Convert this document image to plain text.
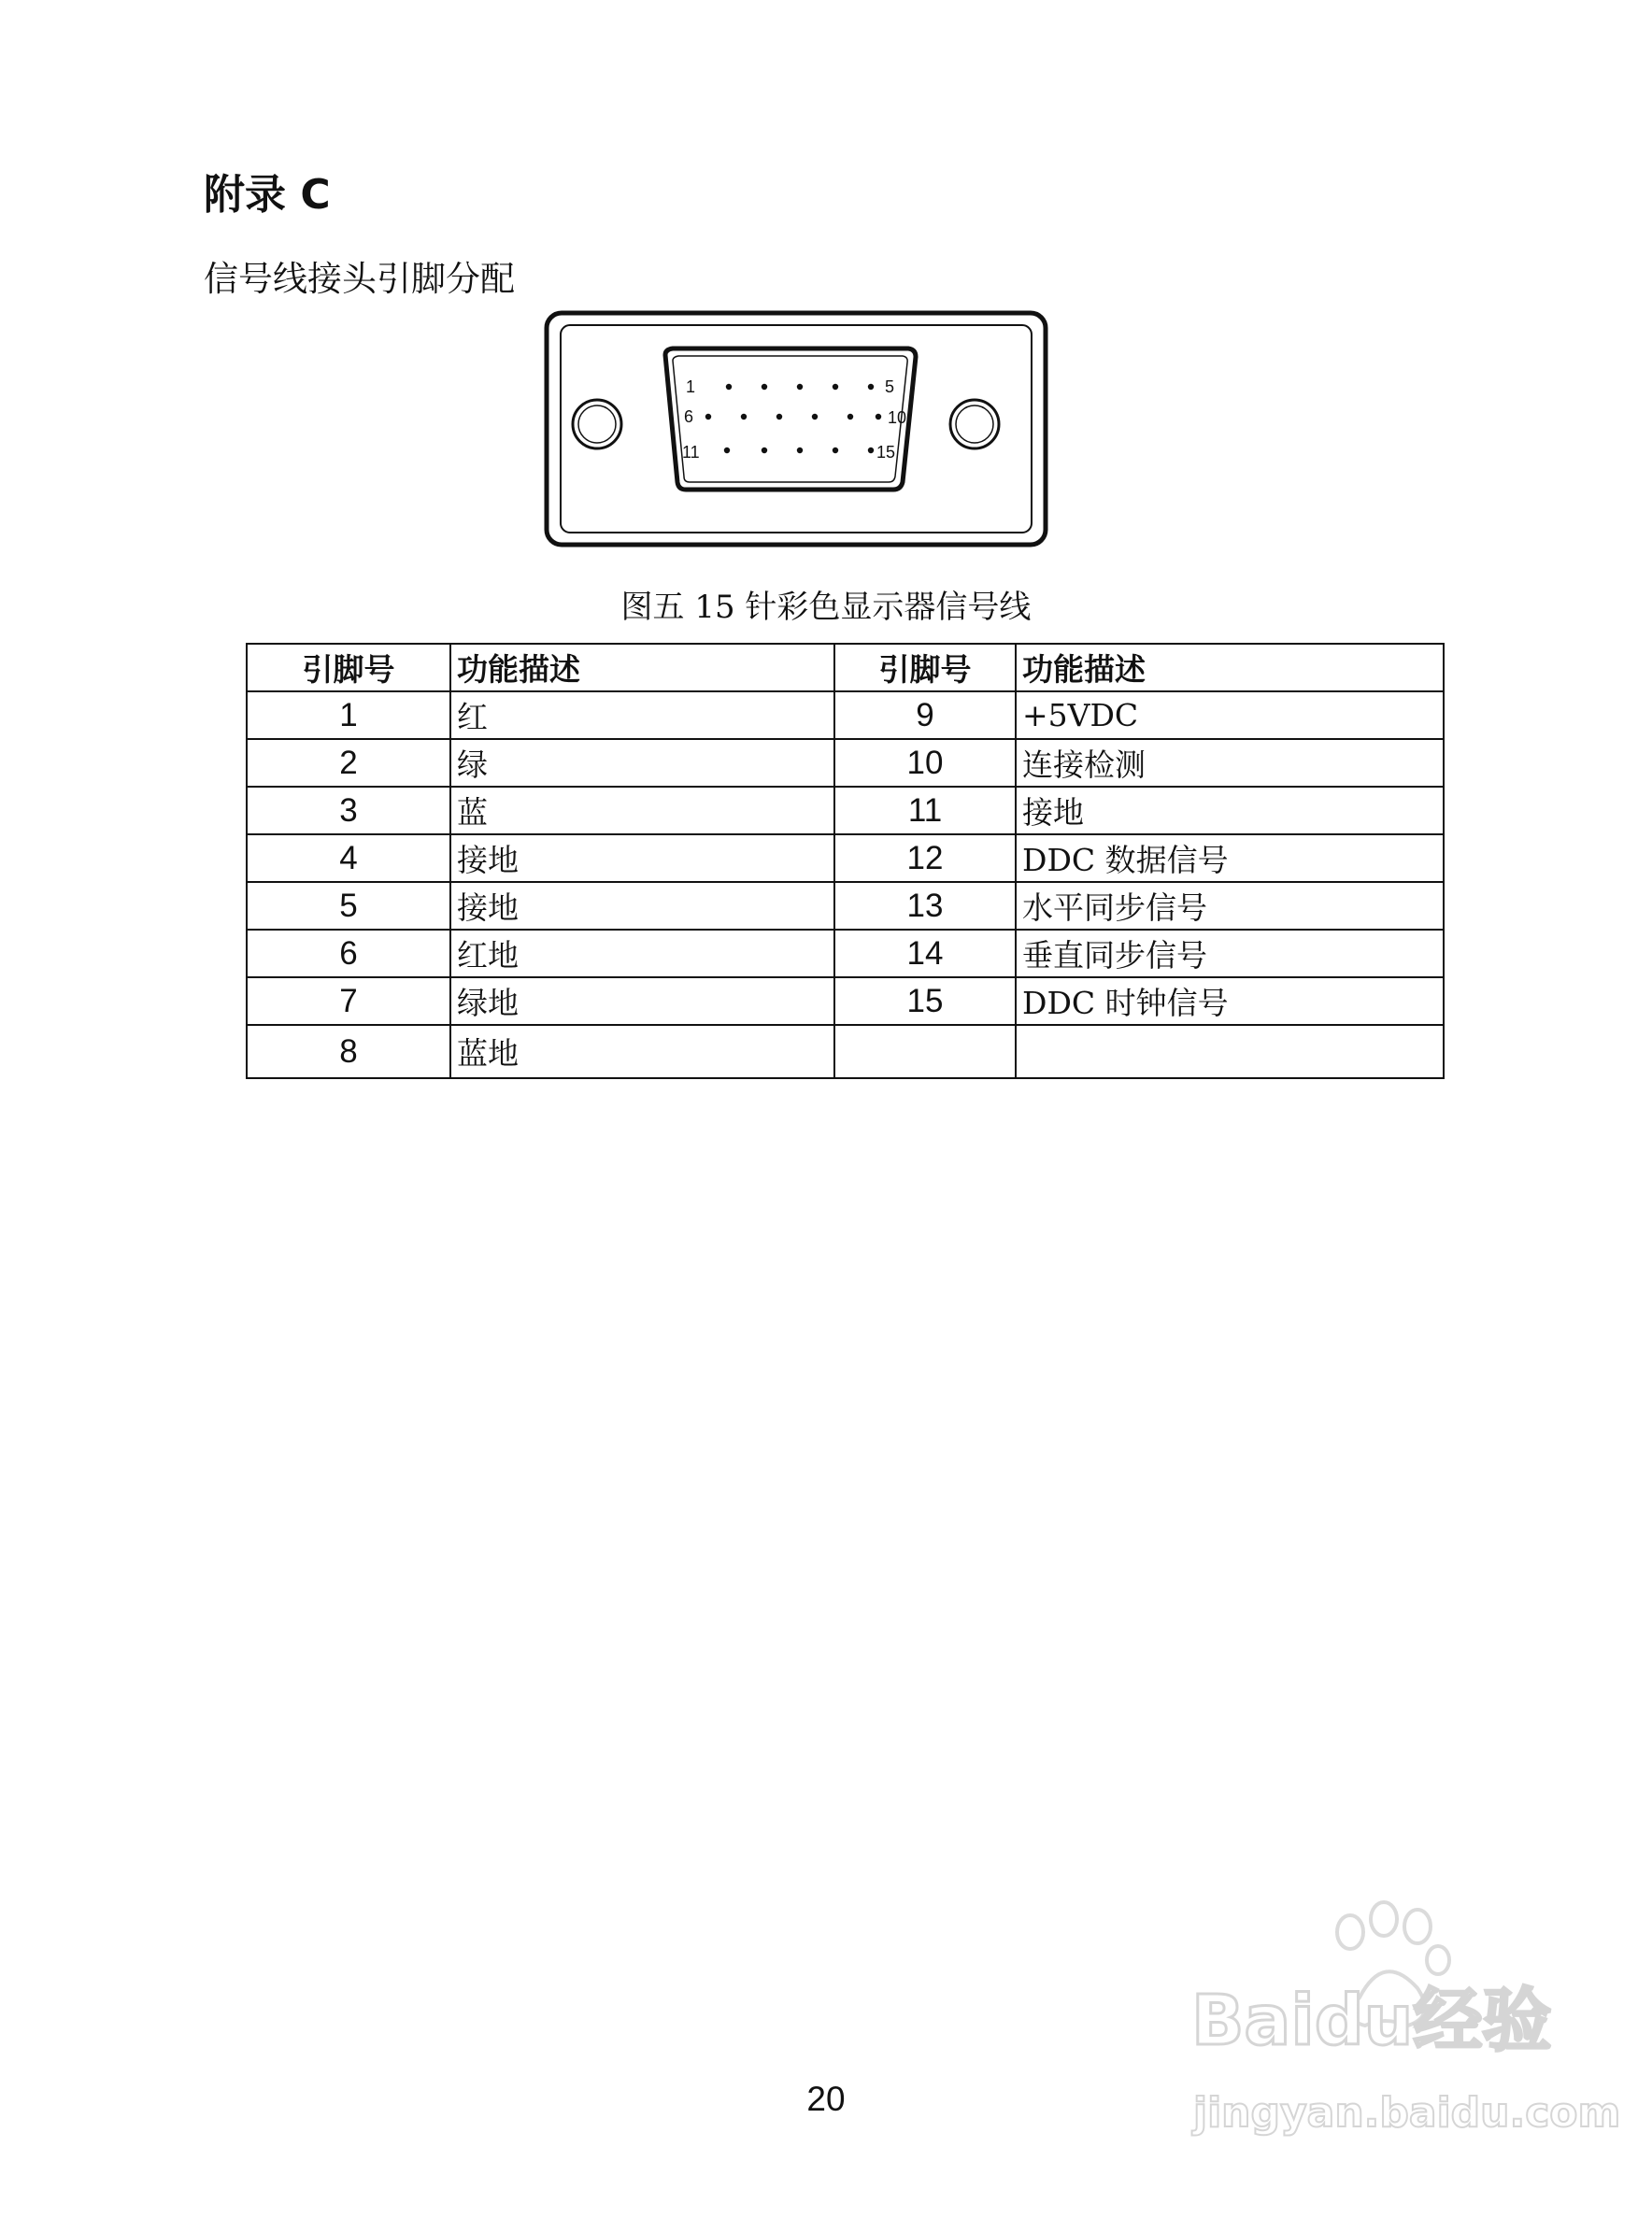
附录 C

信号线接头引脚分配

1	5
6	10
11	15
图五 15 针彩色显示器信号线
引脚号	功能描述	引脚号	功能描述
1	红	9	+5VDC
2	绿	10	连接检测
3	蓝	11	接地
4	接地	12	DDC 数据信号
5	接地	13	水平同步信号
6	红地	14	垂直同步信号
7	绿地	15	DDC 时钟信号
8	蓝地		
Baidu经验
jingyan.baidu.com
20
